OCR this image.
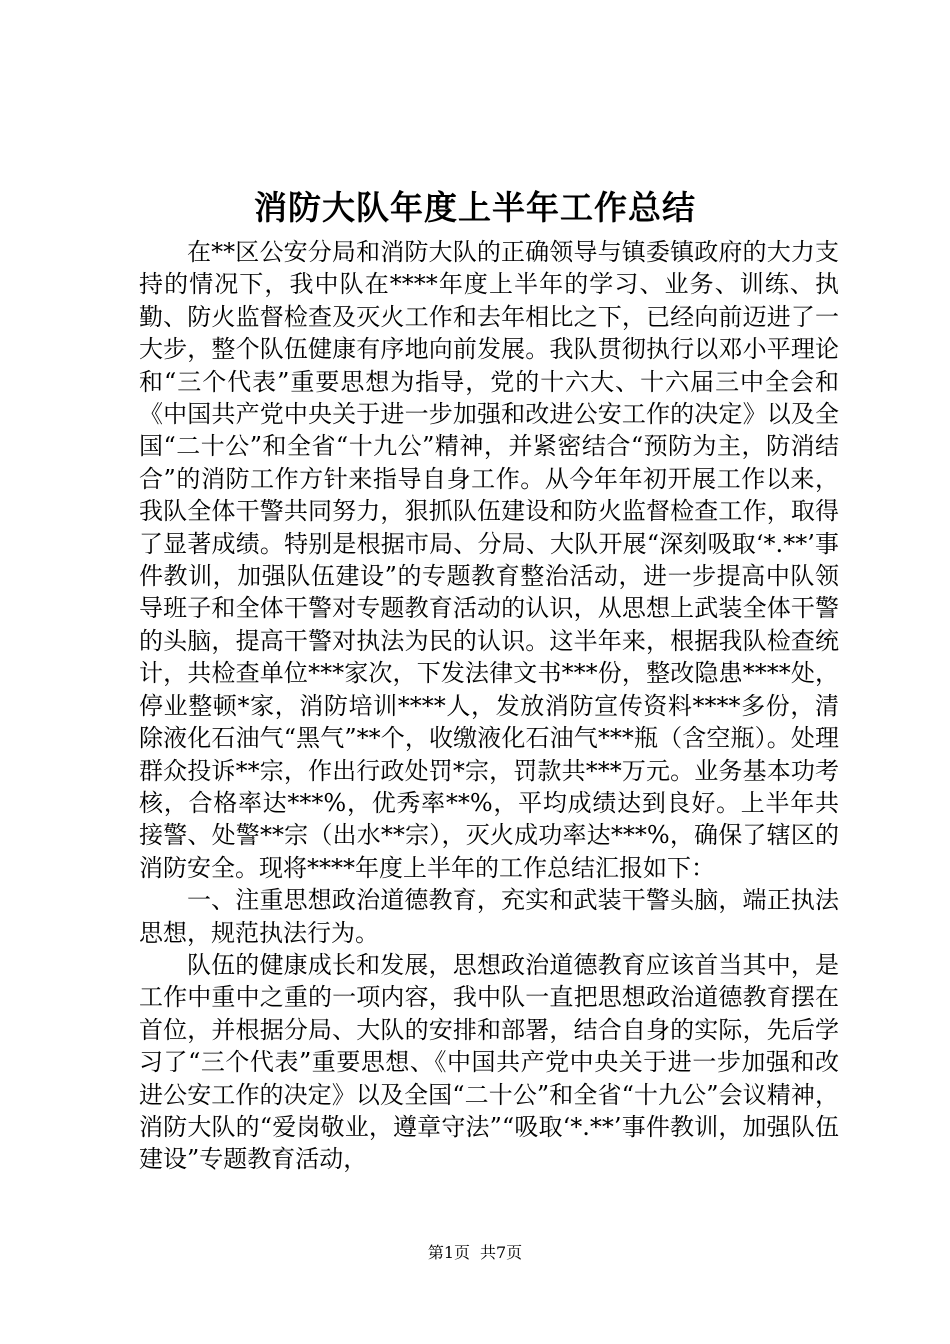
消防大队年度上半年工作总结

在**区公安分局和消防大队的正确领导与镇委镇政府的大力支持的情况下，我中队在****年度上半年的学习、业务、训练、执勤、防火监督检查及灭火工作和去年相比之下，已经向前迈进了一大步，整个队伍健康有序地向前发展。我队贯彻执行以邓小平理论和“三个代表”重要思想为指导，党的十六大、十六届三中全会和《中国共产党中央关于进一步加强和改进公安工作的决定》以及全国“二十公”和全省“十九公”精神，并紧密结合“预防为主，防消结合”的消防工作方针来指导自身工作。从今年年初开展工作以来，我队全体干警共同努力，狠抓队伍建设和防火监督检查工作，取得了显著成绩。特别是根据市局、分局、大队开展“深刻吸取‘*.**’事件教训，加强队伍建设”的专题教育整治活动，进一步提高中队领导班子和全体干警对专题教育活动的认识，从思想上武装全体干警的头脑，提高干警对执法为民的认识。这半年来，根据我队检查统计，共检查单位***家次，下发法律文书***份，整改隐患****处，停业整顿*家，消防培训****人，发放消防宣传资料****多份，清除液化石油气“黑气”**个，收缴液化石油气***瓶（含空瓶）。处理群众投诉**宗，作出行政处罚*宗，罚款共***万元。业务基本功考核，合格率达***%，优秀率**%，平均成绩达到良好。上半年共接警、处警**宗（出水**宗），灭火成功率达***%，确保了辖区的消防安全。现将****年度上半年的工作总结汇报如下：

一、注重思想政治道德教育，充实和武装干警头脑，端正执法思想，规范执法行为。

队伍的健康成长和发展，思想政治道德教育应该首当其中，是工作中重中之重的一项内容，我中队一直把思想政治道德教育摆在首位，并根据分局、大队的安排和部署，结合自身的实际，先后学习了“三个代表”重要思想、《中国共产党中央关于进一步加强和改进公安工作的决定》以及全国“二十公”和全省“十九公”会议精神，消防大队的“爱岗敬业，遵章守法”“吸取‘*.**’事件教训，加强队伍建设”专题教育活动，

第1页 共7页
